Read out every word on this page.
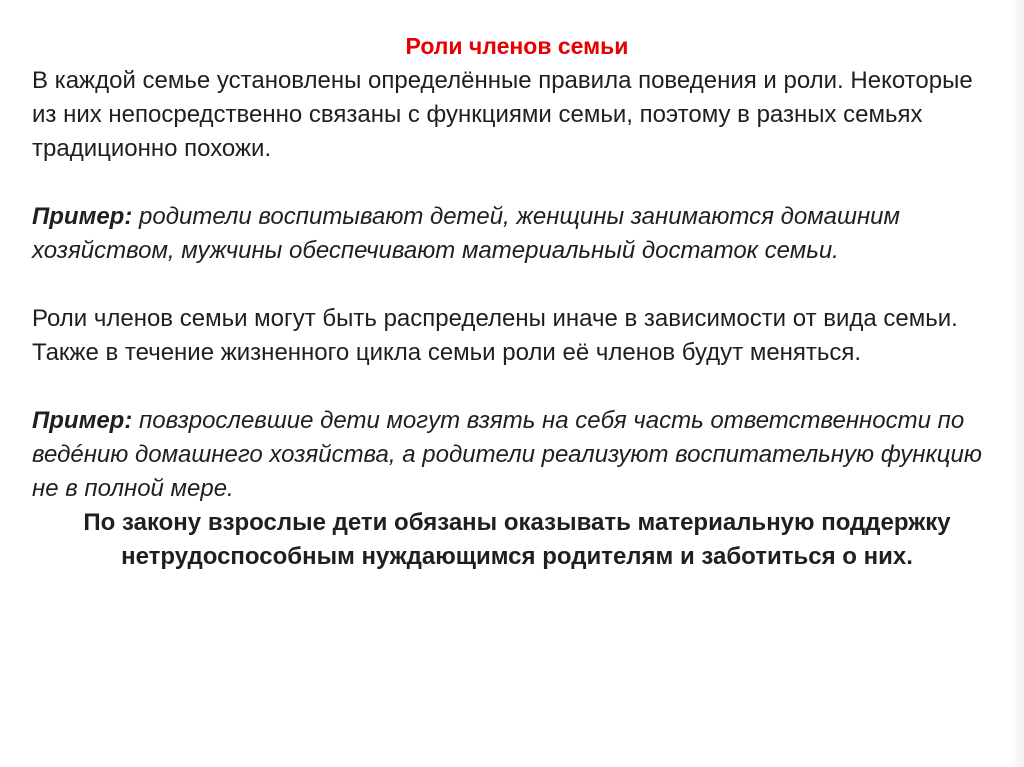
Роли членов семьи

В каждой семье установлены определённые правила поведения и роли. Некоторые из них непосредственно связаны с функциями семьи, поэтому в разных семьях традиционно похожи.

Пример: родители воспитывают детей, женщины занимаются домашним хозяйством, мужчины обеспечивают материальный достаток семьи.

Роли членов семьи могут быть распределены иначе в зависимости от вида семьи.

Также в течение жизненного цикла семьи роли её членов будут меняться.

Пример: повзрослевшие дети могут взять на себя часть ответственности по ведéнию домашнего хозяйства, а родители реализуют воспитательную функцию не в полной мере.

По закону взрослые дети обязаны оказывать материальную поддержку нетрудоспособным нуждающимся родителям и заботиться о них.
